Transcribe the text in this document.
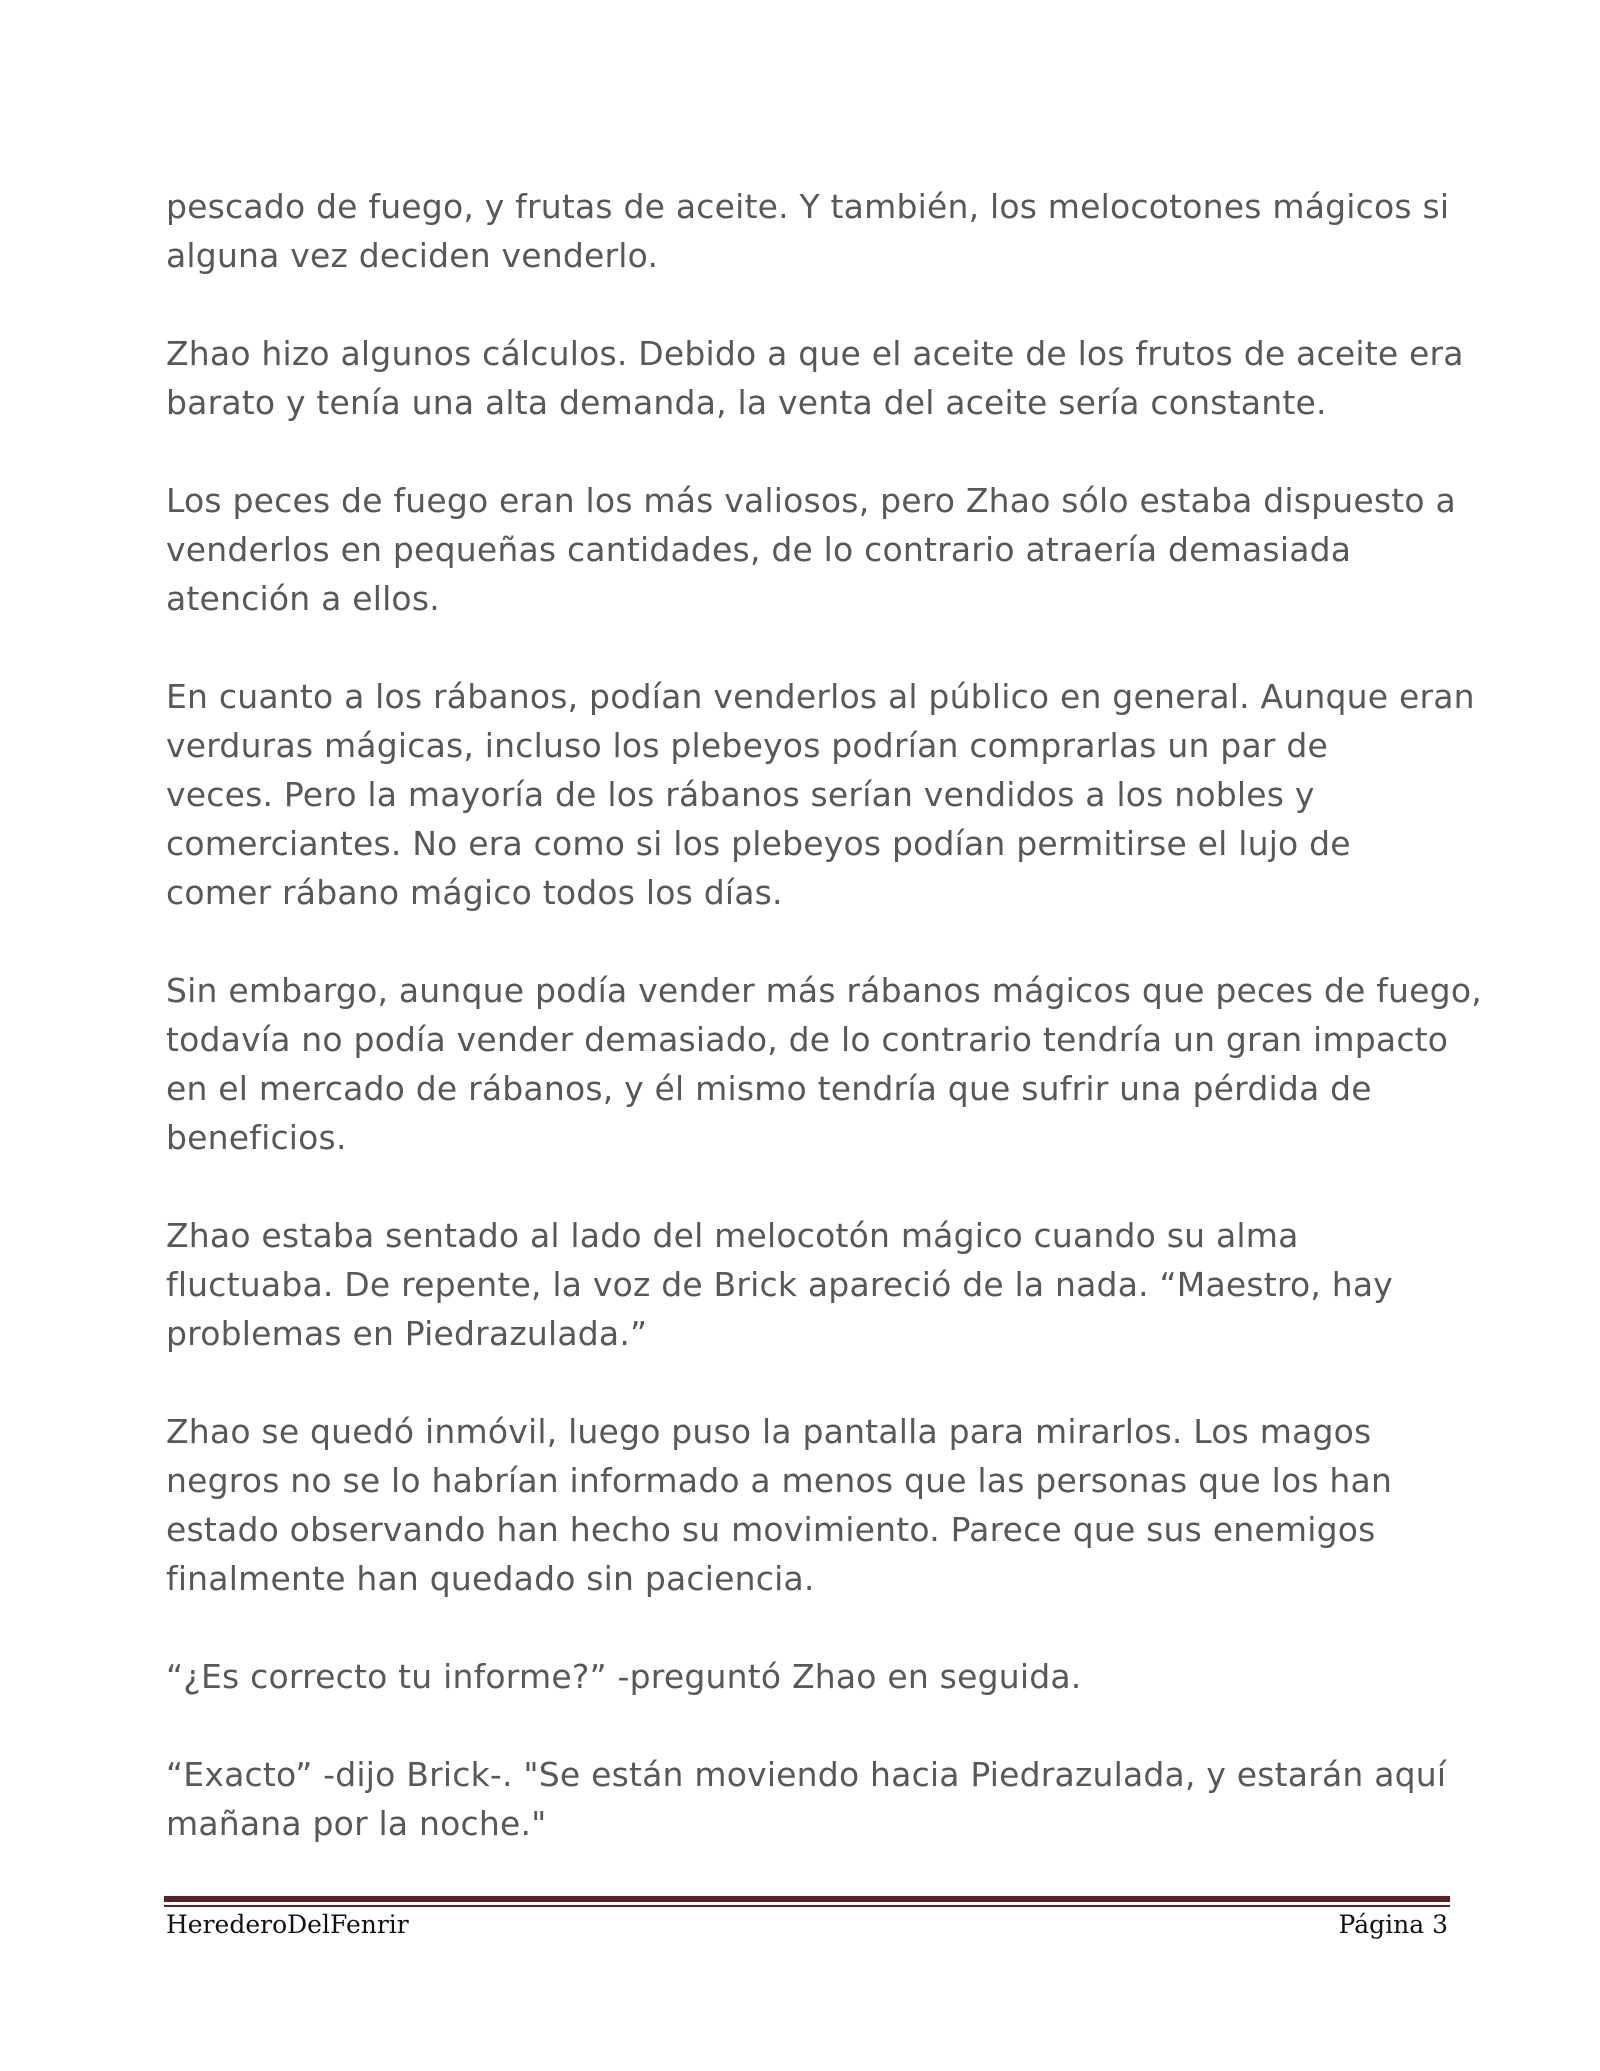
pescado de fuego, y frutas de aceite. Y también, los melocotones mágicos si
alguna vez deciden venderlo.

Zhao hizo algunos cálculos. Debido a que el aceite de los frutos de aceite era
barato y tenía una alta demanda, la venta del aceite sería constante.

Los peces de fuego eran los más valiosos, pero Zhao sólo estaba dispuesto a
venderlos en pequeñas cantidades, de lo contrario atraería demasiada
atención a ellos.

En cuanto a los rábanos, podían venderlos al público en general. Aunque eran
verduras mágicas, incluso los plebeyos podrían comprarlas un par de
veces. Pero la mayoría de los rábanos serían vendidos a los nobles y
comerciantes. No era como si los plebeyos podían permitirse el lujo de
comer rábano mágico todos los días.

Sin embargo, aunque podía vender más rábanos mágicos que peces de fuego,
todavía no podía vender demasiado, de lo contrario tendría un gran impacto
en el mercado de rábanos, y él mismo tendría que sufrir una pérdida de
beneficios.

Zhao estaba sentado al lado del melocotón mágico cuando su alma
fluctuaba. De repente, la voz de Brick apareció de la nada. “Maestro, hay
problemas en Piedrazulada.”

Zhao se quedó inmóvil, luego puso la pantalla para mirarlos. Los magos
negros no se lo habrían informado a menos que las personas que los han
estado observando han hecho su movimiento. Parece que sus enemigos
finalmente han quedado sin paciencia.

“¿Es correcto tu informe?” -preguntó Zhao en seguida.

“Exacto” -dijo Brick-. "Se están moviendo hacia Piedrazulada, y estarán aquí
mañana por la noche."

HerederoDelFenrir	Página 3
